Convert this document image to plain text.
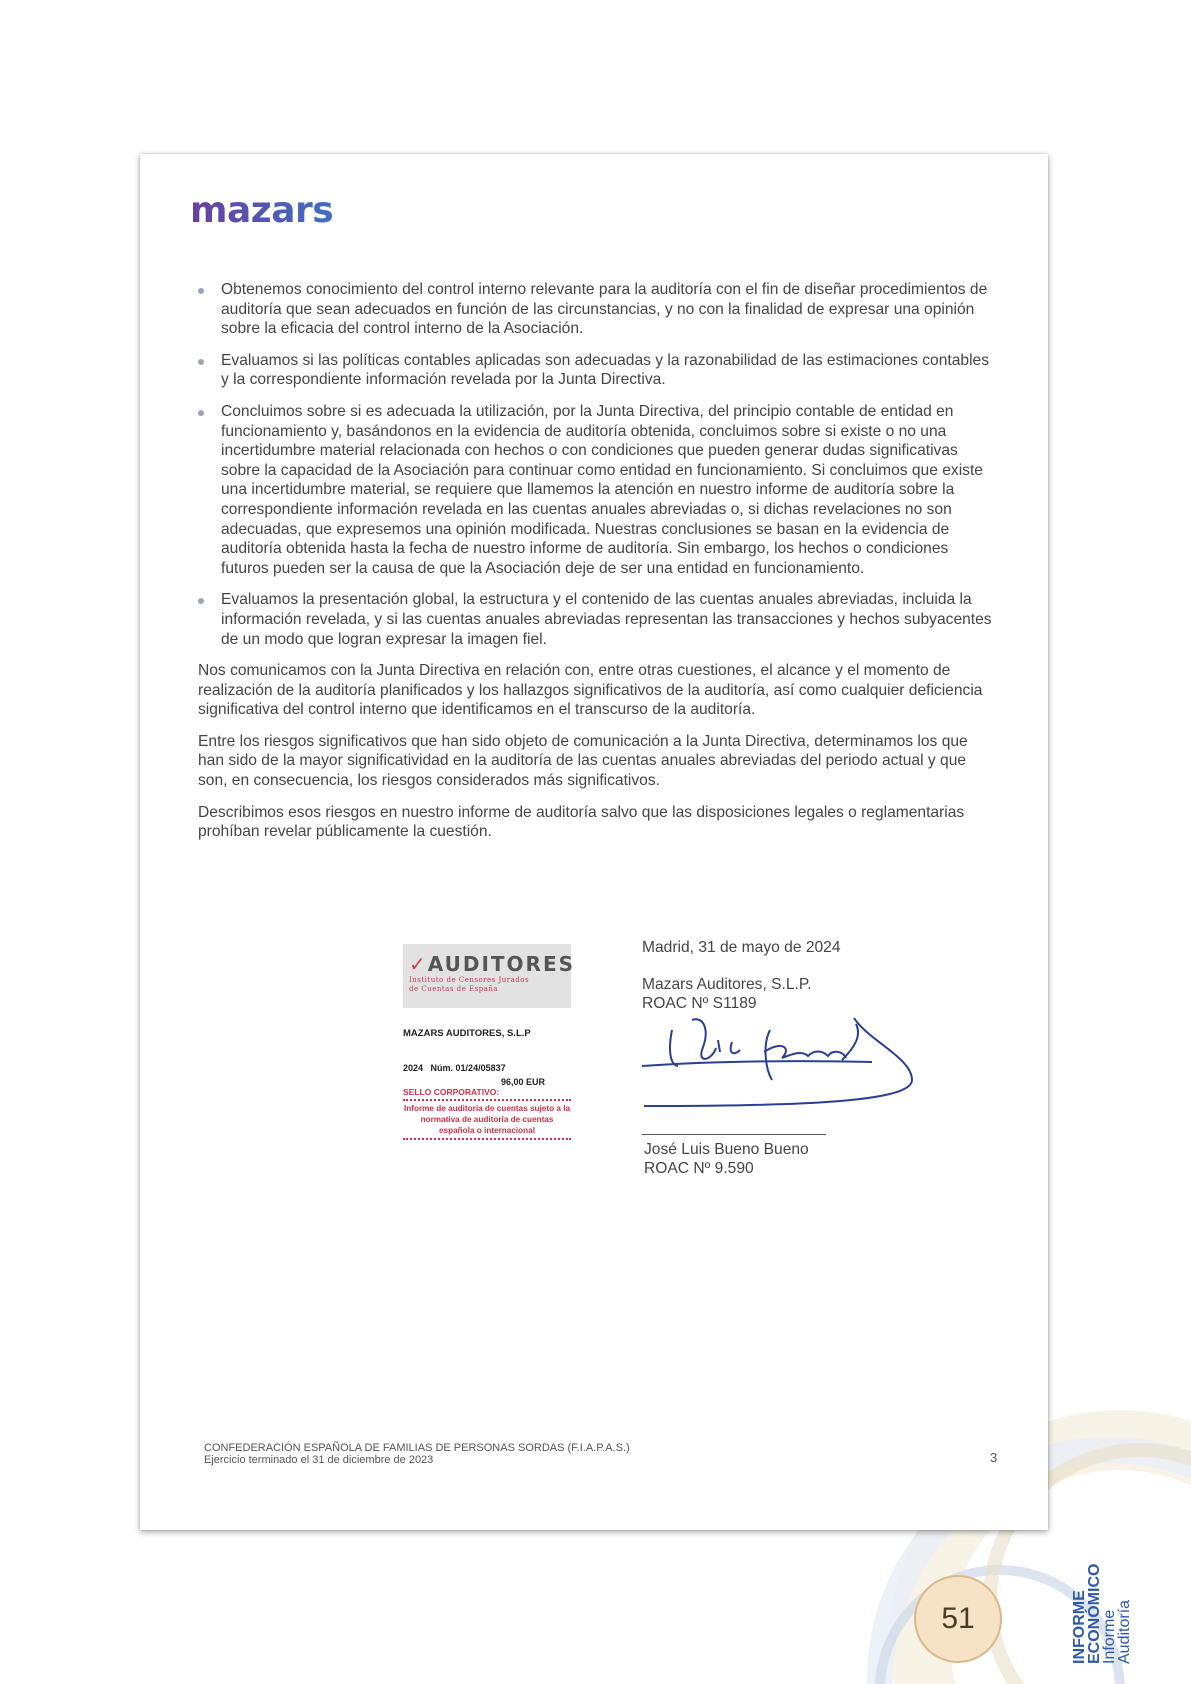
mazars
Obtenemos conocimiento del control interno relevante para la auditoría con el fin de diseñar procedimientos de auditoría que sean adecuados en función de las circunstancias, y no con la finalidad de expresar una opinión sobre la eficacia del control interno de la Asociación.
Evaluamos si las políticas contables aplicadas son adecuadas y la razonabilidad de las estimaciones contables y la correspondiente información revelada por la Junta Directiva.
Concluimos sobre si es adecuada la utilización, por la Junta Directiva, del principio contable de entidad en funcionamiento y, basándonos en la evidencia de auditoría obtenida, concluimos sobre si existe o no una incertidumbre material relacionada con hechos o con condiciones que pueden generar dudas significativas sobre la capacidad de la Asociación para continuar como entidad en funcionamiento. Si concluimos que existe una incertidumbre material, se requiere que llamemos la atención en nuestro informe de auditoría sobre la correspondiente información revelada en las cuentas anuales abreviadas o, si dichas revelaciones no son adecuadas, que expresemos una opinión modificada. Nuestras conclusiones se basan en la evidencia de auditoría obtenida hasta la fecha de nuestro informe de auditoría. Sin embargo, los hechos o condiciones futuros pueden ser la causa de que la Asociación deje de ser una entidad en funcionamiento.
Evaluamos la presentación global, la estructura y el contenido de las cuentas anuales abreviadas, incluida la información revelada, y si las cuentas anuales abreviadas representan las transacciones y hechos subyacentes de un modo que logran expresar la imagen fiel.

Nos comunicamos con la Junta Directiva en relación con, entre otras cuestiones, el alcance y el momento de realización de la auditoría planificados y los hallazgos significativos de la auditoría, así como cualquier deficiencia significativa del control interno que identificamos en el transcurso de la auditoría.

Entre los riesgos significativos que han sido objeto de comunicación a la Junta Directiva, determinamos los que han sido de la mayor significatividad en la auditoría de las cuentas anuales abreviadas del periodo actual y que son, en consecuencia, los riesgos considerados más significativos.

Describimos esos riesgos en nuestro informe de auditoría salvo que las disposiciones legales o reglamentarias prohíban revelar públicamente la cuestión.

✓AUDITORES
Instituto de Censores Jurados
de Cuentas de España
MAZARS AUDITORES, S.L.P
2024 Núm. 01/24/05837
96,00 EUR
SELLO CORPORATIVO:
Informe de auditoría de cuentas sujeto a la normativa de auditoría de cuentas española o internacional
Madrid, 31 de mayo de 2024
Mazars Auditores, S.L.P.
ROAC Nº S1189
José Luis Bueno Bueno
ROAC Nº 9.590
CONFEDERACIÓN ESPAÑOLA DE FAMILIAS DE PERSONAS SORDAS (F.I.A.P.A.S.)
Ejercicio terminado el 31 de diciembre de 2023	3
51	INFORME
ECONÓMICO
Informe Auditoría
